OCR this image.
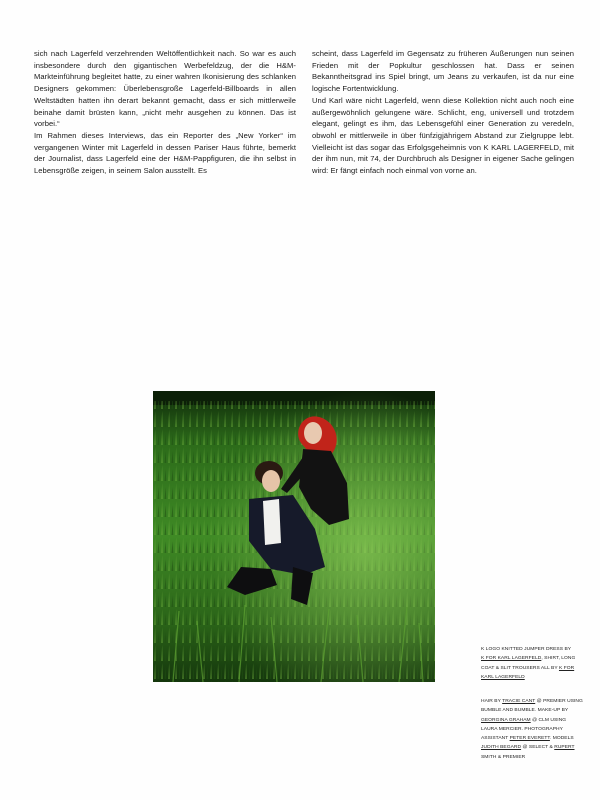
sich nach Lagerfeld verzehrenden Weltöffentlichkeit nach. So war es auch insbesondere durch den gigantischen Werbefeldzug, der die H&M-Markteinführung begleitet hatte, zu einer wahren Ikonisierung des schlanken Designers gekommen: Überlebensgroße Lagerfeld-Billboards in allen Weltstädten hatten ihn derart bekannt gemacht, dass er sich mittlerweile beinahe damit brüsten kann, „nicht mehr ausgehen zu können. Das ist vorbei.“

Im Rahmen dieses Interviews, das ein Reporter des „New Yorker“ im vergangenen Winter mit Lagerfeld in dessen Pariser Haus führte, bemerkt der Journalist, dass Lagerfeld eine der H&M-Pappfiguren, die ihn selbst in Lebensgröße zeigen, in seinem Salon ausstellt. Es

scheint, dass Lagerfeld im Gegensatz zu früheren Äußerungen nun seinen Frieden mit der Popkultur geschlossen hat. Dass er seinen Bekanntheitsgrad ins Spiel bringt, um Jeans zu verkaufen, ist da nur eine logische Fortentwicklung.

Und Karl wäre nicht Lagerfeld, wenn diese Kollektion nicht auch noch eine außergewöhnlich gelungene wäre. Schlicht, eng, universell und trotzdem elegant, gelingt es ihm, das Lebensgefühl einer Generation zu veredeln, obwohl er mittlerweile in über fünfzigjährigem Abstand zur Zielgruppe lebt. Vielleicht ist das sogar das Erfolgsgeheimnis von K KARL LAGERFELD, mit der ihm nun, mit 74, der Durchbruch als Designer in eigener Sache gelingen wird: Er fängt einfach noch einmal von vorne an.

K LOGO KNITTED JUMPER DRESS BY
K FOR KARL LAGERFELD, SHIRT, LONG
COAT & SLIT TROUSERS ALL BY K FOR
KARL LAGERFELD
HAIR BY TRACIE CANT @ PREMIER USING BUMBLE AND BUMBLE. MAKE-UP BY GEORGINA GRAHAM @ CLM USING LAURA MERCIER. PHOTOGRAPHY ASSISTANT PETER EVERETT. MODELS JUDITH BEGARD @ SELECT & RUPERT SMITH & PREMIER
